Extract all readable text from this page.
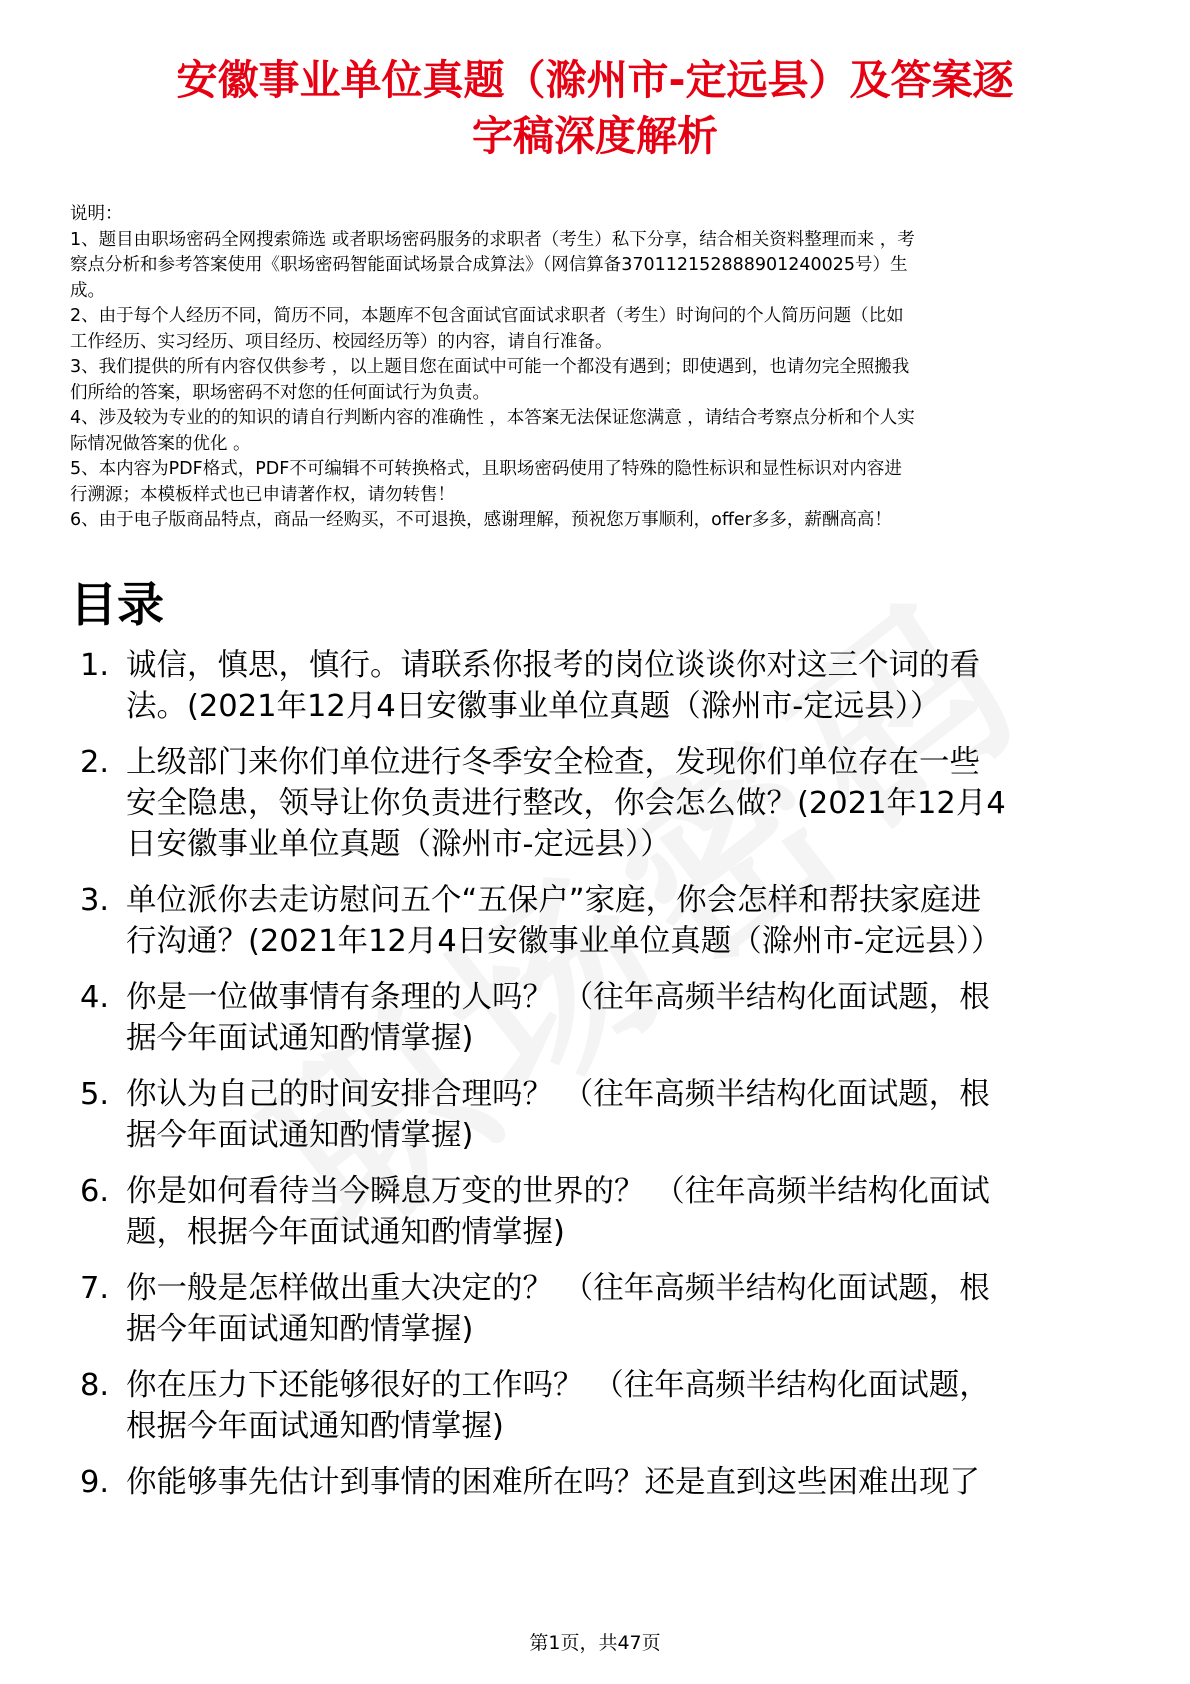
安徽事业单位真题（滁州市-定远县）及答案逐
字稿深度解析
说明：
1、题目由职场密码全网搜索筛选 或者职场密码服务的求职者（考生）私下分享，结合相关资料整理而来 ，考
察点分析和参考答案使用《职场密码智能面试场景合成算法》（网信算备370112152888901240025号）生
成。
2、由于每个人经历不同，简历不同，本题库不包含面试官面试求职者（考生）时询问的个人简历问题（比如
工作经历、实习经历、项目经历、校园经历等）的内容，请自行准备。
3、我们提供的所有内容仅供参考 ，以上题目您在面试中可能一个都没有遇到；即使遇到，也请勿完全照搬我
们所给的答案，职场密码不对您的任何面试行为负责。
4、涉及较为专业的的知识的请自行判断内容的准确性 ，本答案无法保证您满意 ，请结合考察点分析和个人实
际情况做答案的优化 。
5、本内容为PDF格式，PDF不可编辑不可转换格式，且职场密码使用了特殊的隐性标识和显性标识对内容进
行溯源；本模板样式也已申请著作权，请勿转售！
6、由于电子版商品特点，商品一经购买，不可退换，感谢理解，预祝您万事顺利，offer多多，薪酬高高！
目录
1. 诚信，慎思，慎行。请联系你报考的岗位谈谈你对这三个词的看
法。(2021年12月4日安徽事业单位真题（滁州市-定远县））
2. 上级部门来你们单位进行冬季安全检查，发现你们单位存在一些
安全隐患，领导让你负责进行整改，你会怎么做？(2021年12月4
日安徽事业单位真题（滁州市-定远县））
3. 单位派你去走访慰问五个“五保户”家庭，你会怎样和帮扶家庭进
行沟通？(2021年12月4日安徽事业单位真题（滁州市-定远县））
4. 你是一位做事情有条理的人吗？ （往年高频半结构化面试题，根
据今年面试通知酌情掌握)
5. 你认为自己的时间安排合理吗？ （往年高频半结构化面试题，根
据今年面试通知酌情掌握)
6. 你是如何看待当今瞬息万变的世界的？ （往年高频半结构化面试
题，根据今年面试通知酌情掌握)
7. 你一般是怎样做出重大决定的？ （往年高频半结构化面试题，根
据今年面试通知酌情掌握)
8. 你在压力下还能够很好的工作吗？ （往年高频半结构化面试题，
根据今年面试通知酌情掌握)
9. 你能够事先估计到事情的困难所在吗？还是直到这些困难出现了
第1页，共47页
